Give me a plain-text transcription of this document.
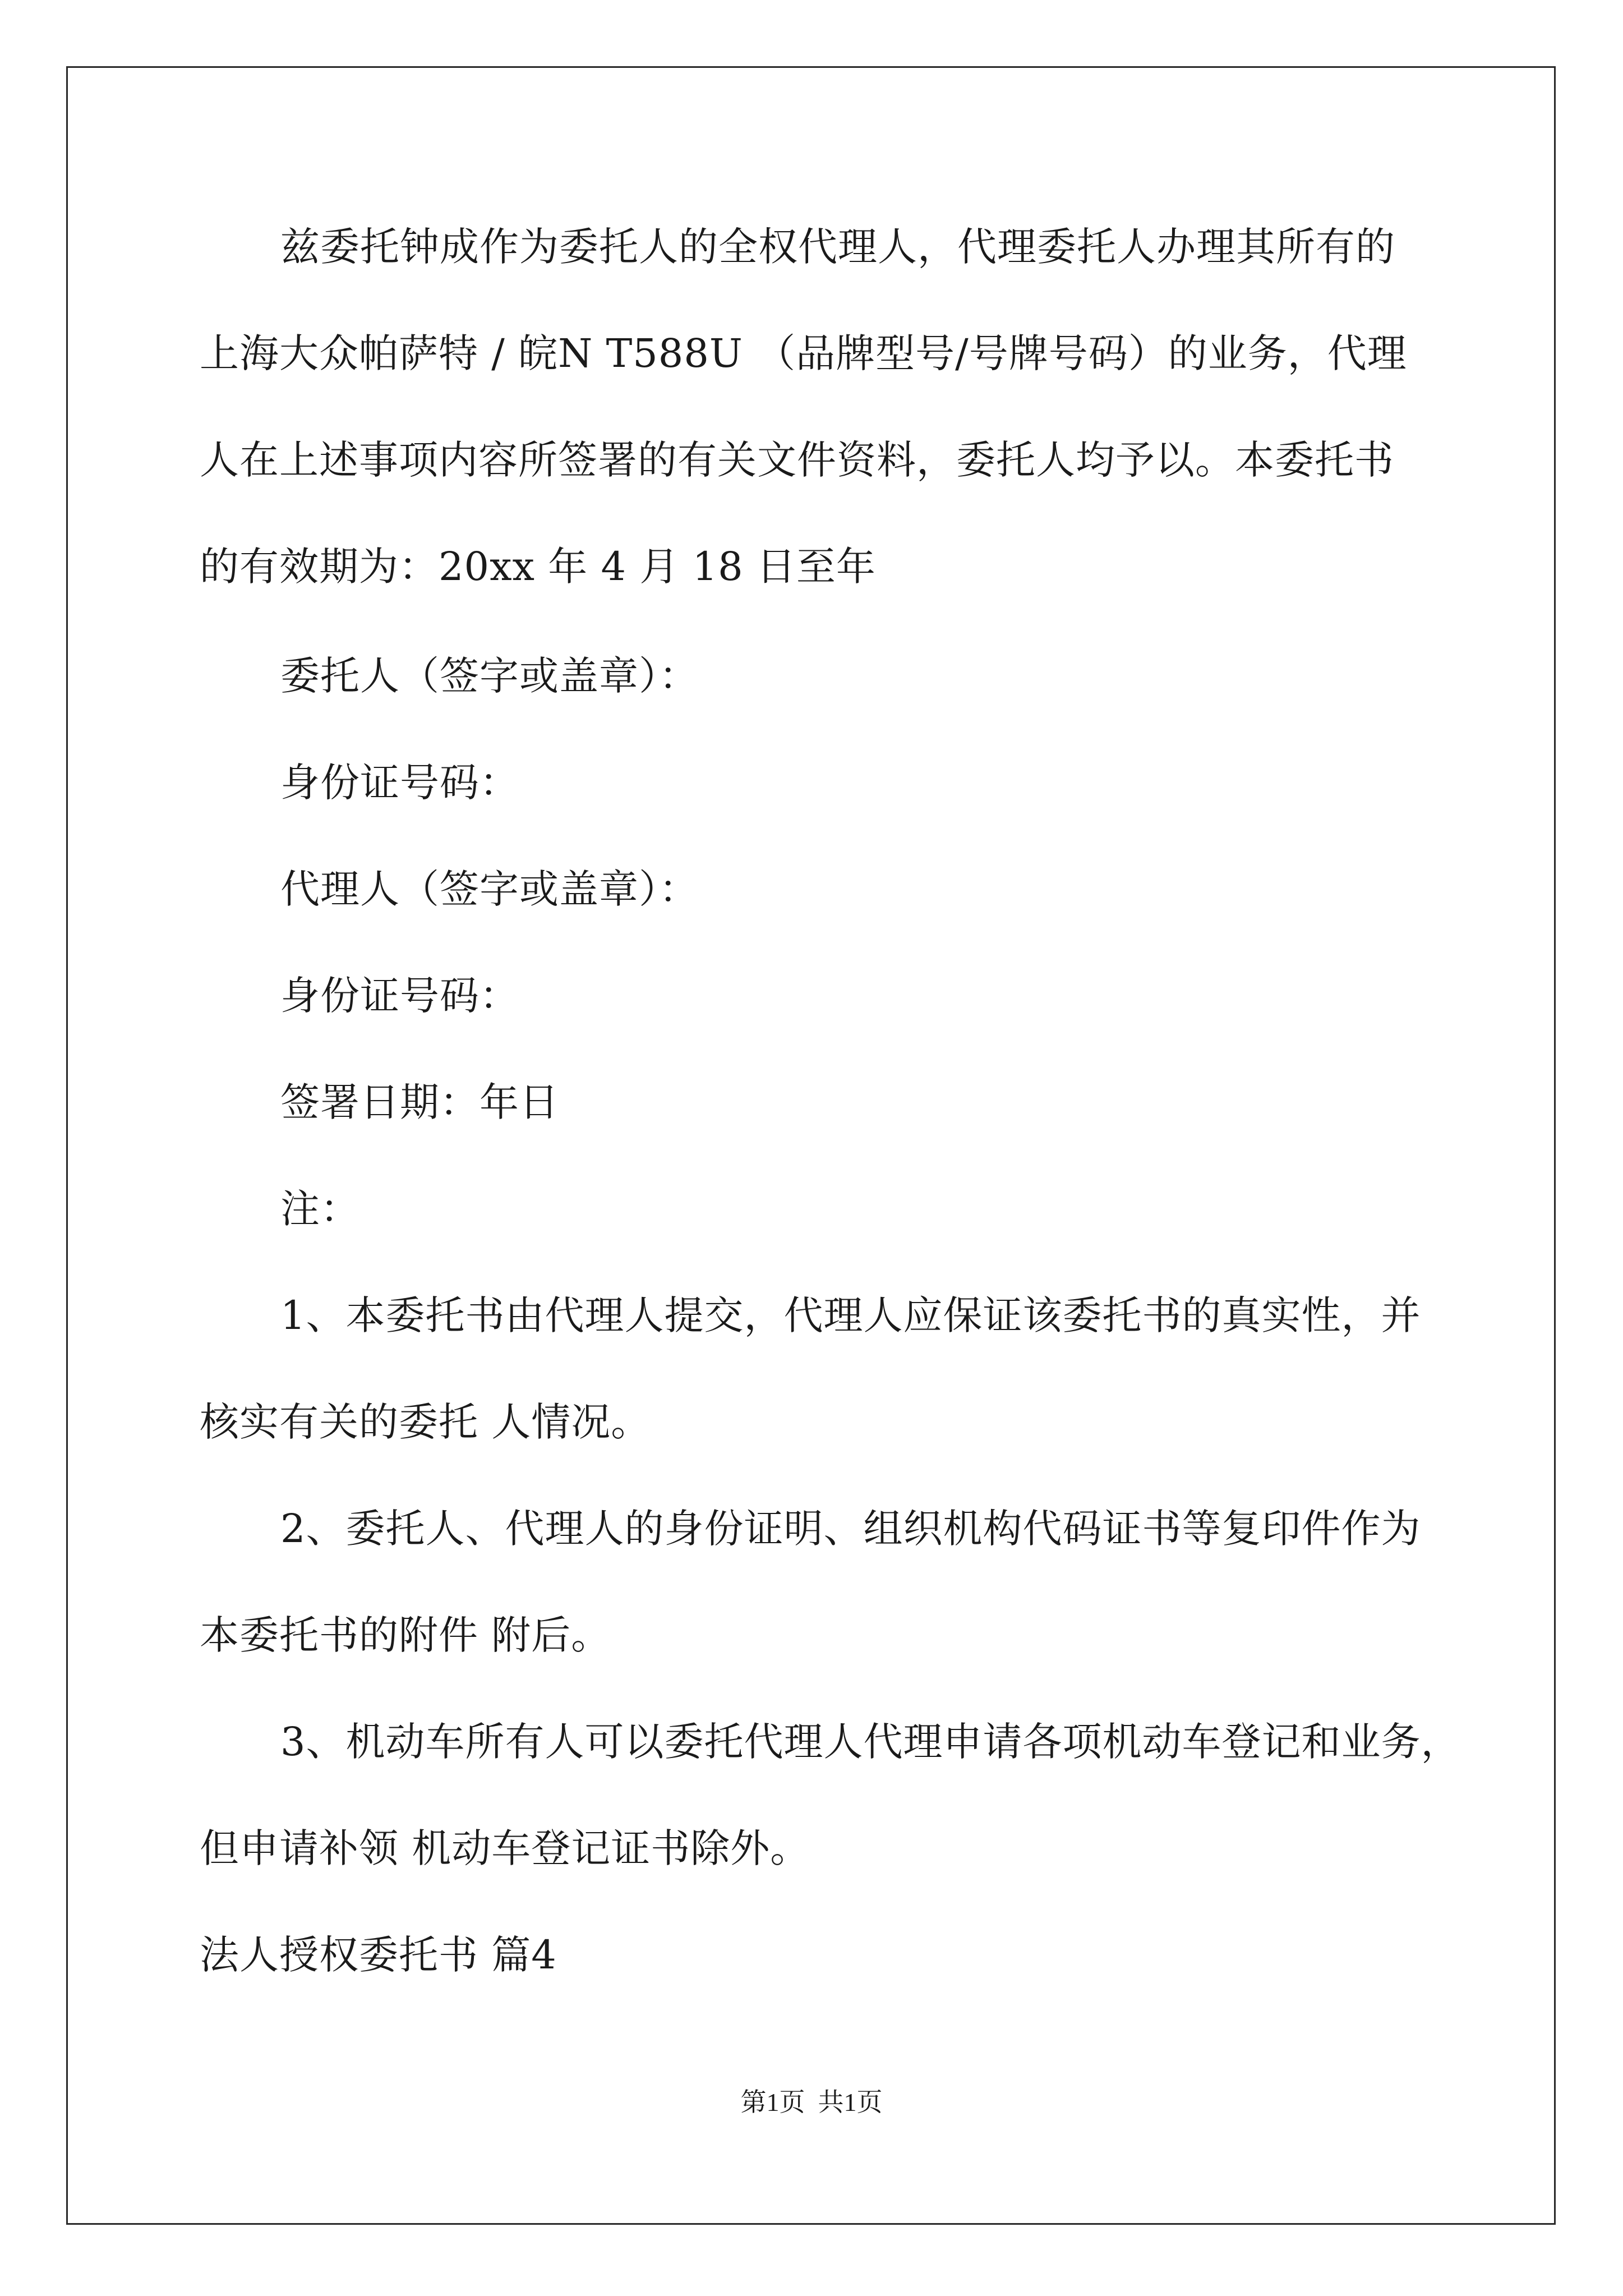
兹委托钟成作为委托人的全权代理人，代理委托人办理其所有的
上海大众帕萨特 / 皖N T588U （品牌型号/号牌号码）的业务，代理
人在上述事项内容所签署的有关文件资料，委托人均予以。本委托书
的有效期为：20xx 年 4 月 18 日至年
委托人（签字或盖章）：
身份证号码：
代理人（签字或盖章）：
身份证号码：
签署日期：年日
注：
1、本委托书由代理人提交，代理人应保证该委托书的真实性，并
核实有关的委托 人情况。
2、委托人、代理人的身份证明、组织机构代码证书等复印件作为
本委托书的附件 附后。
3、机动车所有人可以委托代理人代理申请各项机动车登记和业务，
但申请补领 机动车登记证书除外。
法人授权委托书 篇4
第1页  共1页
